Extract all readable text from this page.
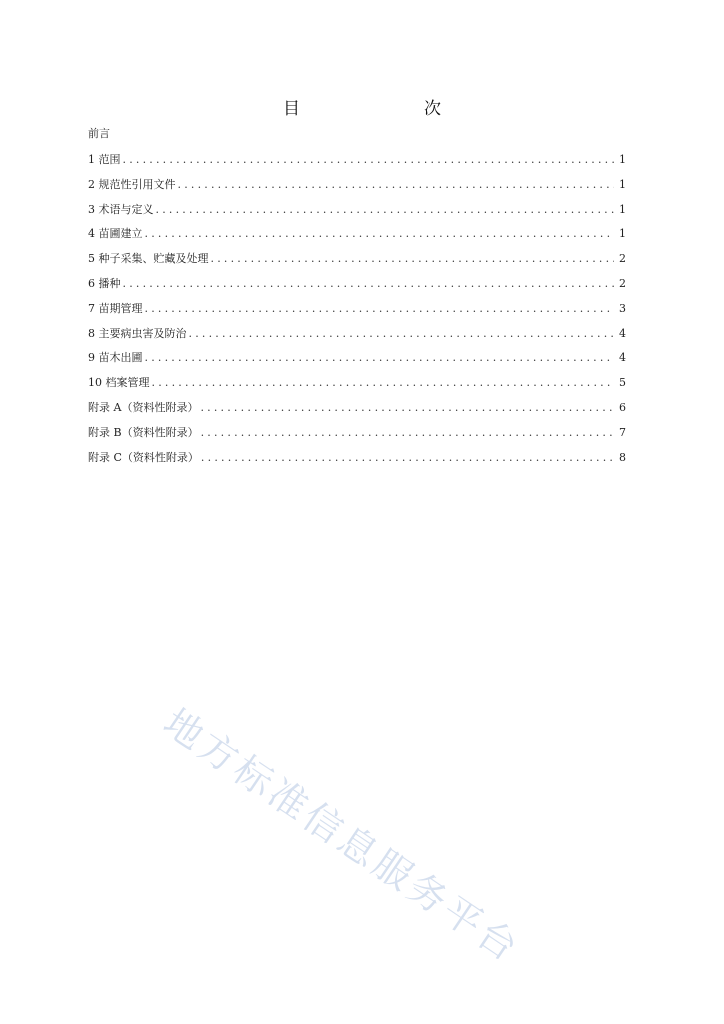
目　　次
前言
1 范围 .....	1
2 规范性引用文件 .....	1
3 术语与定义 .....	1
4 苗圃建立 .....	1
5 种子采集、贮藏及处理 .....	2
6 播种 .....	2
7 苗期管理 .....	3
8 主要病虫害及防治 .....	4
9 苗木出圃 .....	4
10 档案管理 .....	5
附录 A（资料性附录） .....	6
附录 B（资料性附录） .....	7
附录 C（资料性附录） .....	8
地方标准信息服务平台
